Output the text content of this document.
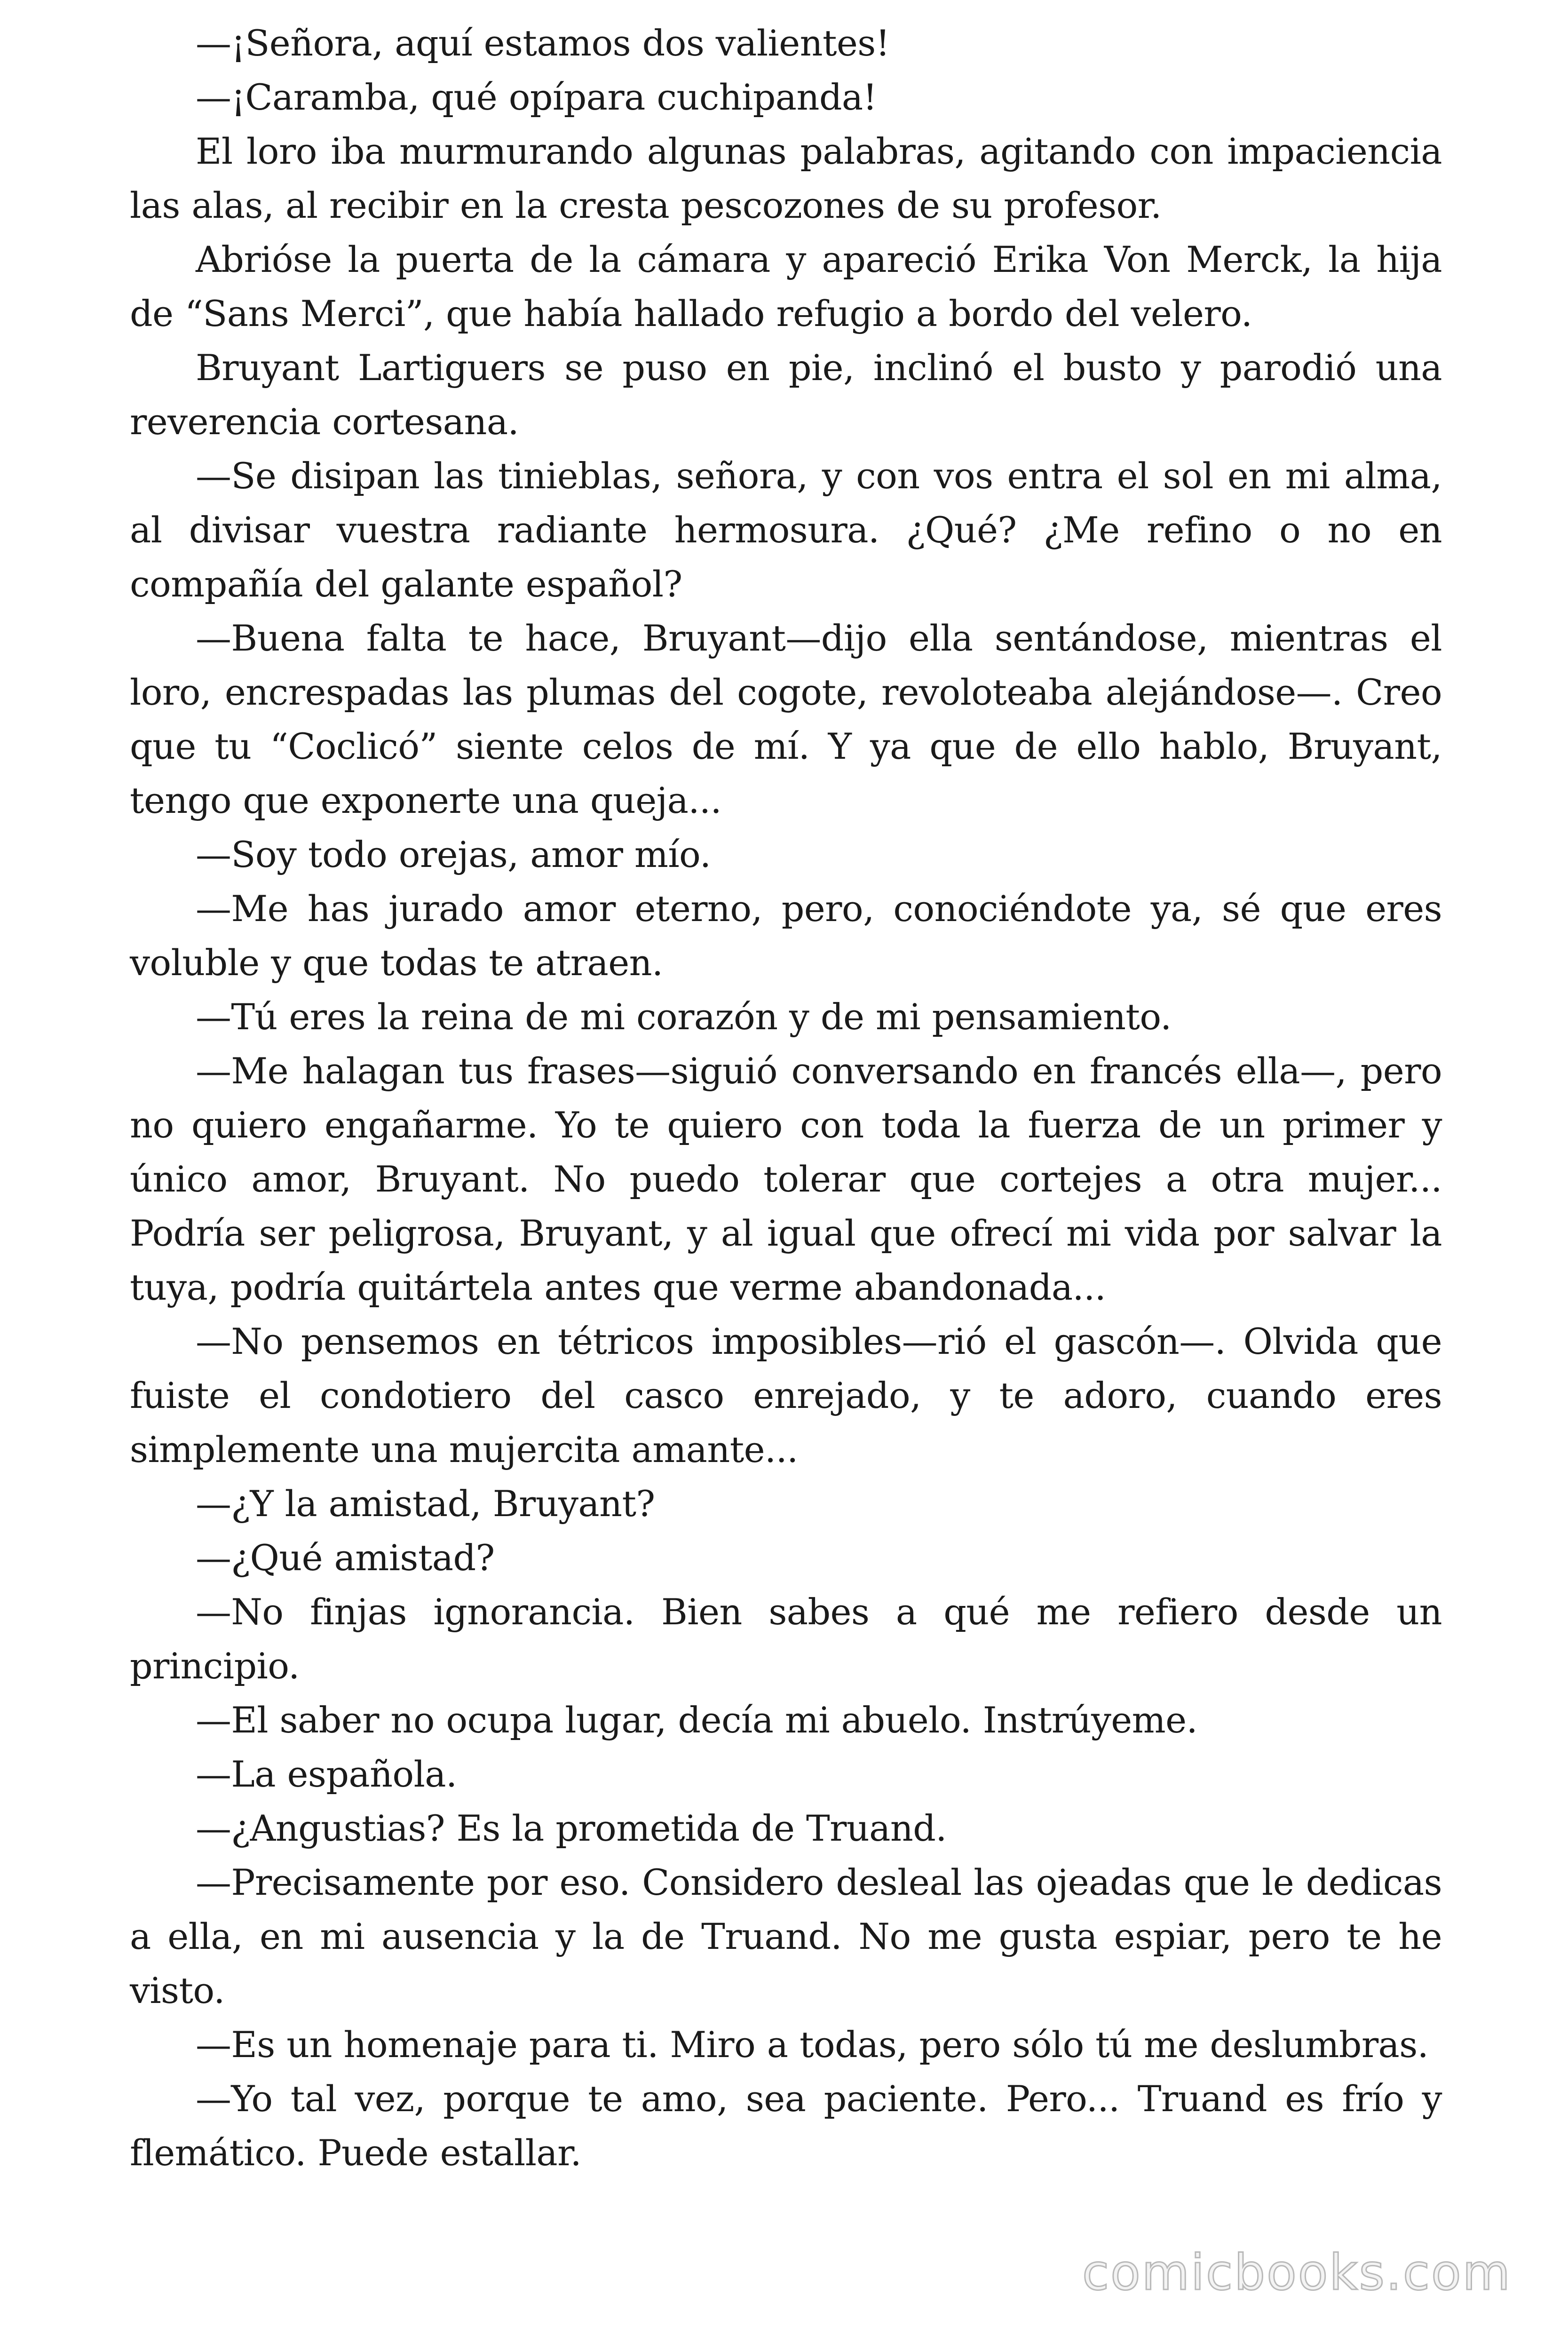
—¡Señora, aquí estamos dos valientes!

—¡Caramba, qué opípara cuchipanda!

El loro iba murmurando algunas palabras, agitando con impaciencia las alas, al recibir en la cresta pescozones de su profesor.

Abrióse la puerta de la cámara y apareció Erika Von Merck, la hija de “Sans Merci”, que había hallado refugio a bordo del velero.

Bruyant Lartiguers se puso en pie, inclinó el busto y parodió una reverencia cortesana.

—Se disipan las tinieblas, señora, y con vos entra el sol en mi alma, al divisar vuestra radiante hermosura. ¿Qué? ¿Me refino o no en compañía del galante español?

—Buena falta te hace, Bruyant—dijo ella sentándose, mientras el loro, encrespadas las plumas del cogote, revoloteaba alejándose—. Creo que tu “Coclicó” siente celos de mí. Y ya que de ello hablo, Bruyant, tengo que exponerte una queja...

—Soy todo orejas, amor mío.

—Me has jurado amor eterno, pero, conociéndote ya, sé que eres voluble y que todas te atraen.

—Tú eres la reina de mi corazón y de mi pensamiento.

—Me halagan tus frases—siguió conversando en francés ella—, pero no quiero engañarme. Yo te quiero con toda la fuerza de un primer y único amor, Bruyant. No puedo tolerar que cortejes a otra mujer... Podría ser peligrosa, Bruyant, y al igual que ofrecí mi vida por salvar la tuya, podría quitártela antes que verme abandonada...

—No pensemos en tétricos imposibles—rió el gascón—. Olvida que fuiste el condotiero del casco enrejado, y te adoro, cuando eres simplemente una mujercita amante...

—¿Y la amistad, Bruyant?

—¿Qué amistad?

—No finjas ignorancia. Bien sabes a qué me refiero desde un principio.

—El saber no ocupa lugar, decía mi abuelo. Instrúyeme.

—La española.

—¿Angustias? Es la prometida de Truand.

—Precisamente por eso. Considero desleal las ojeadas que le dedicas a ella, en mi ausencia y la de Truand. No me gusta espiar, pero te he visto.

—Es un homenaje para ti. Miro a todas, pero sólo tú me deslumbras.

—Yo tal vez, porque te amo, sea paciente. Pero... Truand es frío y flemático. Puede estallar.

comicbooks.com
